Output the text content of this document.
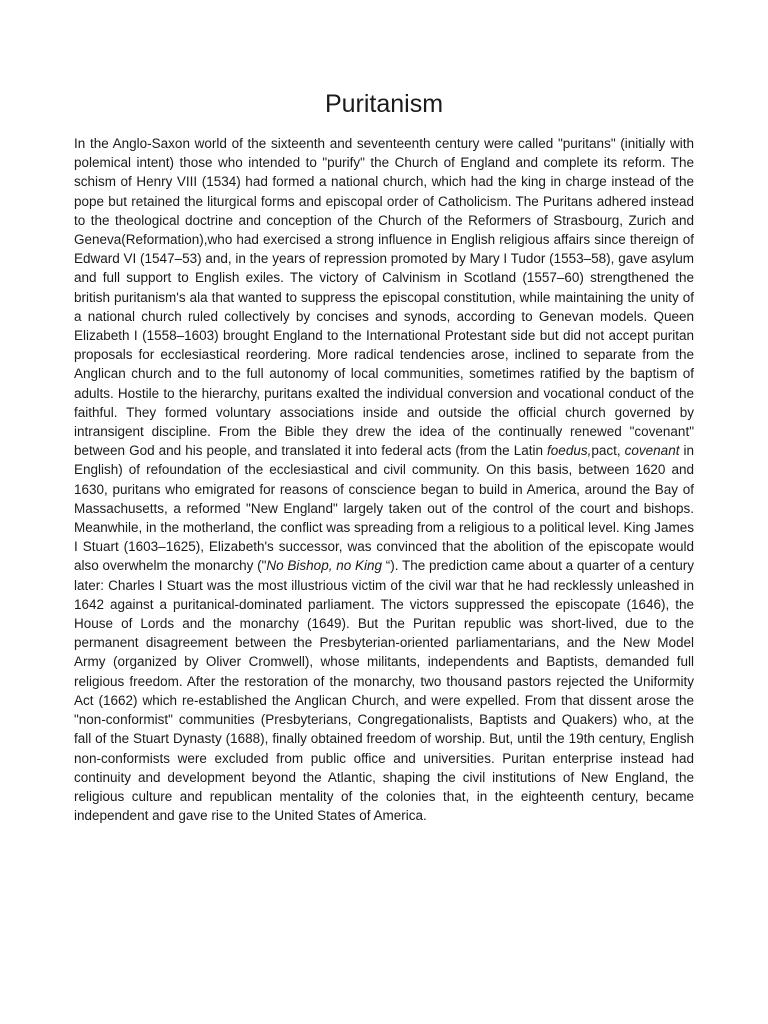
Puritanism
In the Anglo-Saxon world of the sixteenth and seventeenth century were called "puritans" (initially with polemical intent) those who intended to "purify" the Church of England and complete its reform. The schism of Henry VIII (1534) had formed a national church, which had the king in charge instead of the pope but retained the liturgical forms and episcopal order of Catholicism. The Puritans adhered instead to the theological doctrine and conception of the Church of the Reformers of Strasbourg, Zurich and Geneva(Reformation),who had exercised a strong influence in English religious affairs since thereign of Edward VI (1547–53) and, in the years of repression promoted by Mary I Tudor (1553–58), gave asylum and full support to English exiles. The victory of Calvinism in Scotland (1557–60) strengthened the british puritanism's ala that wanted to suppress the episcopal constitution, while maintaining the unity of a national church ruled collectively by concises and synods, according to Genevan models. Queen Elizabeth I (1558–1603) brought England to the International Protestant side but did not accept puritan proposals for ecclesiastical reordering. More radical tendencies arose, inclined to separate from the Anglican church and to the full autonomy of local communities, sometimes ratified by the baptism of adults. Hostile to the hierarchy, puritans exalted the individual conversion and vocational conduct of the faithful. They formed voluntary associations inside and outside the official church governed by intransigent discipline. From the Bible they drew the idea of the continually renewed "covenant" between God and his people, and translated it into federal acts (from the Latin foedus,pact, covenant in English) of refoundation of the ecclesiastical and civil community. On this basis, between 1620 and 1630, puritans who emigrated for reasons of conscience began to build in America, around the Bay of Massachusetts, a reformed "New England" largely taken out of the control of the court and bishops. Meanwhile, in the motherland, the conflict was spreading from a religious to a political level. King James I Stuart (1603–1625), Elizabeth's successor, was convinced that the abolition of the episcopate would also overwhelm the monarchy ("No Bishop, no King “). The prediction came about a quarter of a century later: Charles I Stuart was the most illustrious victim of the civil war that he had recklessly unleashed in 1642 against a puritanical-dominated parliament. The victors suppressed the episcopate (1646), the House of Lords and the monarchy (1649). But the Puritan republic was short-lived, due to the permanent disagreement between the Presbyterian-oriented parliamentarians, and the New Model Army (organized by Oliver Cromwell), whose militants, independents and Baptists, demanded full religious freedom. After the restoration of the monarchy, two thousand pastors rejected the Uniformity Act (1662) which re-established the Anglican Church, and were expelled. From that dissent arose the "non-conformist" communities (Presbyterians, Congregationalists, Baptists and Quakers) who, at the fall of the Stuart Dynasty (1688), finally obtained freedom of worship. But, until the 19th century, English non-conformists were excluded from public office and universities. Puritan enterprise instead had continuity and development beyond the Atlantic, shaping the civil institutions of New England, the religious culture and republican mentality of the colonies that, in the eighteenth century, became independent and gave rise to the United States of America.
